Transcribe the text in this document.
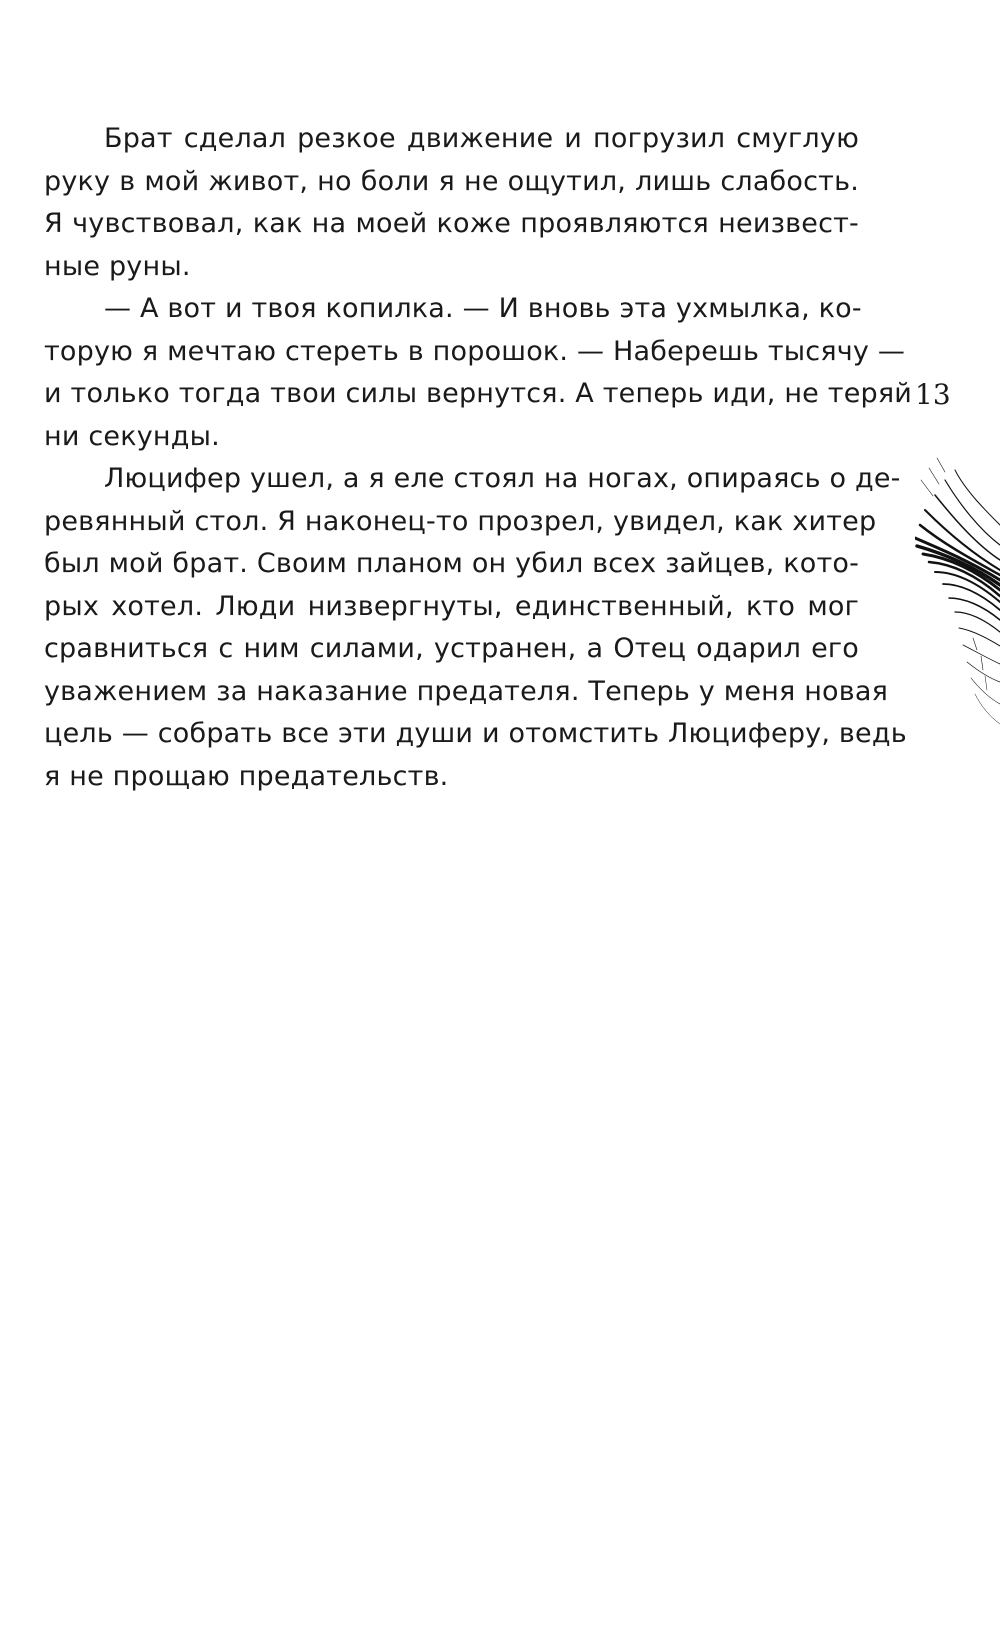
Брат сделал резкое движение и погрузил смуглую
руку в мой живот, но боли я не ощутил, лишь слабость.
Я чувствовал, как на моей коже проявляются неизвест-
ные руны.
— А вот и твоя копилка. — И вновь эта ухмылка, ко-
торую я мечтаю стереть в порошок. — Наберешь тысячу —
и только тогда твои силы вернутся. А теперь иди, не теряй
ни секунды.
Люцифер ушел, а я еле стоял на ногах, опираясь о де-
ревянный стол. Я наконец-то прозрел, увидел, как хитер
был мой брат. Своим планом он убил всех зайцев, кото-
рых хотел. Люди низвергнуты, единственный, кто мог
сравниться с ним силами, устранен, а Отец одарил его
уважением за наказание предателя. Теперь у меня новая
цель — собрать все эти души и отомстить Люциферу, ведь
я не прощаю предательств.
13
